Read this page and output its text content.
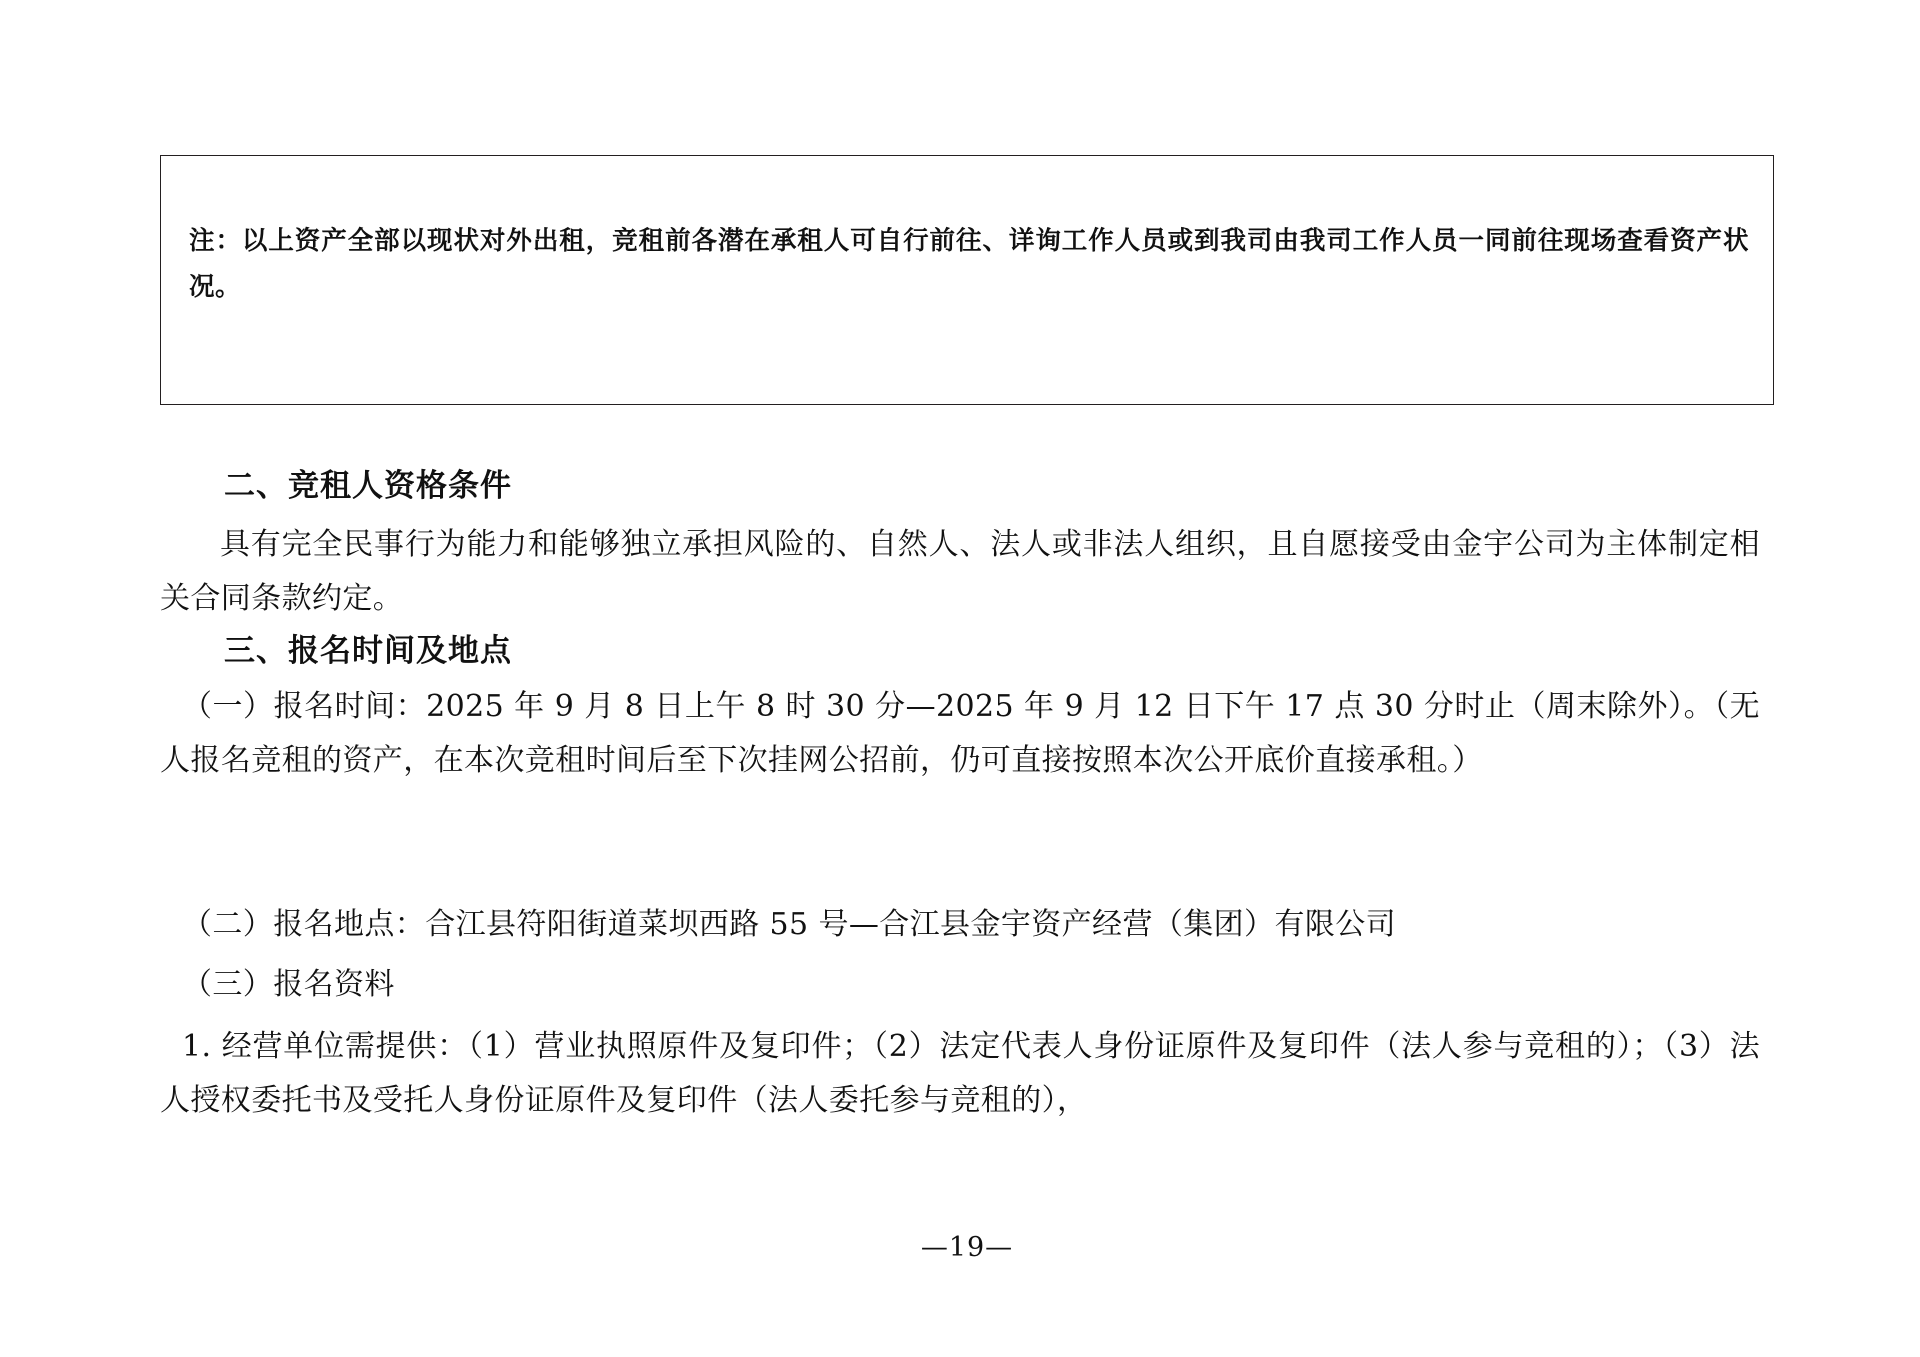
注：以上资产全部以现状对外出租，竞租前各潜在承租人可自行前往、详询工作人员或到我司由我司工作人员一同前往现场查看资产状况。
二、竞租人资格条件
具有完全民事行为能力和能够独立承担风险的、自然人、法人或非法人组织，且自愿接受由金宇公司为主体制定相关合同条款约定。
三、报名时间及地点
（一）报名时间：2025 年 9 月 8 日上午 8 时 30 分—2025 年 9 月 12 日下午 17 点 30 分时止（周末除外）。（无人报名竞租的资产，在本次竞租时间后至下次挂网公招前，仍可直接按照本次公开底价直接承租。）
（二）报名地点：合江县符阳街道菜坝西路 55 号—合江县金宇资产经营（集团）有限公司
（三）报名资料
1. 经营单位需提供：（1）营业执照原件及复印件；（2）法定代表人身份证原件及复印件（法人参与竞租的）；（3）法人授权委托书及受托人身份证原件及复印件（法人委托参与竞租的），
—19—
